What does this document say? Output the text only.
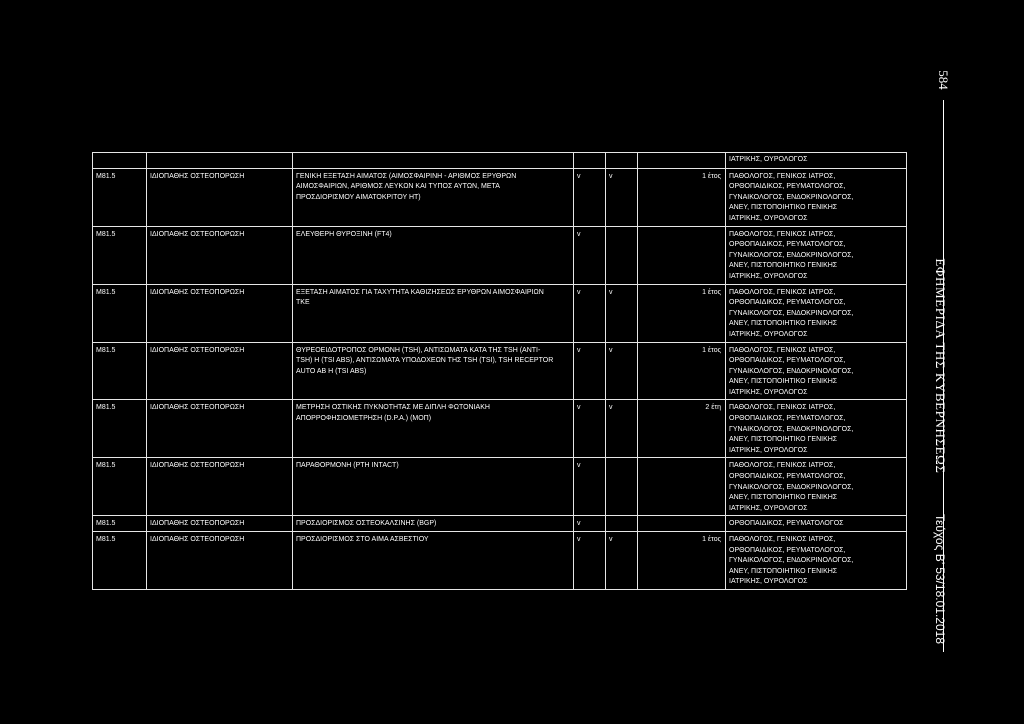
584
ΕΦΗΜΕΡΙΔΑ ΤΗΣ ΚΥΒΕΡΝΗΣΕΩΣ
Τεύχος Β’ 53/18.01.2018
						ΙΑΤΡΙΚΗΣ, ΟΥΡΟΛΟΓΟΣ
Μ81.5	ΙΔΙΟΠΑΘΗΣ ΟΣΤΕΟΠΟΡΩΣΗ	ΓΕΝΙΚΗ ΕΞΕΤΑΣΗ ΑΙΜΑΤΟΣ (ΑΙΜΟΣΦΑΙΡΙΝΗ - ΑΡΙΘΜΟΣ ΕΡΥΘΡΩΝ
ΑΙΜΟΣΦΑΙΡΙΩΝ, ΑΡΙΘΜΟΣ ΛΕΥΚΩΝ ΚΑΙ ΤΥΠΟΣ ΑΥΤΩΝ, ΜΕΤΑ
ΠΡΟΣΔΙΟΡΙΣΜΟΥ ΑΙΜΑΤΟΚΡΙΤΟΥ ΗΤ)	v	v	1 έτος	ΠΑΘΟΛΟΓΟΣ, ΓΕΝΙΚΟΣ ΙΑΤΡΟΣ,
ΟΡΘΟΠΑΙΔΙΚΟΣ, ΡΕΥΜΑΤΟΛΟΓΟΣ,
ΓΥΝΑΙΚΟΛΟΓΟΣ, ΕΝΔΟΚΡΙΝΟΛΟΓΟΣ,
ΑΝΕΥ, ΠΙΣΤΟΠΟΙΗΤΙΚΟ ΓΕΝΙΚΗΣ
ΙΑΤΡΙΚΗΣ, ΟΥΡΟΛΟΓΟΣ
Μ81.5	ΙΔΙΟΠΑΘΗΣ ΟΣΤΕΟΠΟΡΩΣΗ	ΕΛΕΥΘΕΡΗ ΘΥΡΟΞΙΝΗ (FT4)	v			ΠΑΘΟΛΟΓΟΣ, ΓΕΝΙΚΟΣ ΙΑΤΡΟΣ,
ΟΡΘΟΠΑΙΔΙΚΟΣ, ΡΕΥΜΑΤΟΛΟΓΟΣ,
ΓΥΝΑΙΚΟΛΟΓΟΣ, ΕΝΔΟΚΡΙΝΟΛΟΓΟΣ,
ΑΝΕΥ, ΠΙΣΤΟΠΟΙΗΤΙΚΟ ΓΕΝΙΚΗΣ
ΙΑΤΡΙΚΗΣ, ΟΥΡΟΛΟΓΟΣ
Μ81.5	ΙΔΙΟΠΑΘΗΣ ΟΣΤΕΟΠΟΡΩΣΗ	ΕΞΕΤΑΣΗ ΑΙΜΑΤΟΣ ΓΙΑ ΤΑΧΥΤΗΤΑ ΚΑΘΙΖΗΣΕΩΣ ΕΡΥΘΡΩΝ ΑΙΜΟΣΦΑΙΡΙΩΝ
ΤΚΕ	v	v	1 έτος	ΠΑΘΟΛΟΓΟΣ, ΓΕΝΙΚΟΣ ΙΑΤΡΟΣ,
ΟΡΘΟΠΑΙΔΙΚΟΣ, ΡΕΥΜΑΤΟΛΟΓΟΣ,
ΓΥΝΑΙΚΟΛΟΓΟΣ, ΕΝΔΟΚΡΙΝΟΛΟΓΟΣ,
ΑΝΕΥ, ΠΙΣΤΟΠΟΙΗΤΙΚΟ ΓΕΝΙΚΗΣ
ΙΑΤΡΙΚΗΣ, ΟΥΡΟΛΟΓΟΣ
Μ81.5	ΙΔΙΟΠΑΘΗΣ ΟΣΤΕΟΠΟΡΩΣΗ	ΘΥΡΕΟΕΙΔΟΤΡΟΠΟΣ ΟΡΜΟΝΗ (TSH), ΑΝΤΙΣΩΜΑΤΑ ΚΑΤΑ ΤΗΣ TSH (ANTI-
TSH) Η (TSI ABS), ΑΝΤΙΣΩΜΑΤΑ ΥΠΟΔΟΧΕΩΝ ΤΗΣ TSH (TSI), TSH RECEPTOR
AUTO AB Η (TSI ABS)	v	v	1 έτος	ΠΑΘΟΛΟΓΟΣ, ΓΕΝΙΚΟΣ ΙΑΤΡΟΣ,
ΟΡΘΟΠΑΙΔΙΚΟΣ, ΡΕΥΜΑΤΟΛΟΓΟΣ,
ΓΥΝΑΙΚΟΛΟΓΟΣ, ΕΝΔΟΚΡΙΝΟΛΟΓΟΣ,
ΑΝΕΥ, ΠΙΣΤΟΠΟΙΗΤΙΚΟ ΓΕΝΙΚΗΣ
ΙΑΤΡΙΚΗΣ, ΟΥΡΟΛΟΓΟΣ
Μ81.5	ΙΔΙΟΠΑΘΗΣ ΟΣΤΕΟΠΟΡΩΣΗ	ΜΕΤΡΗΣΗ ΟΣΤΙΚΗΣ ΠΥΚΝΟΤΗΤΑΣ ΜΕ ΔΙΠΛΗ ΦΩΤΟΝΙΑΚΗ
ΑΠΟΡΡΟΦΗΣΙΟΜΕΤΡΗΣΗ (D.P.A.) (ΜΟΠ)	v	v	2 έτη	ΠΑΘΟΛΟΓΟΣ, ΓΕΝΙΚΟΣ ΙΑΤΡΟΣ,
ΟΡΘΟΠΑΙΔΙΚΟΣ, ΡΕΥΜΑΤΟΛΟΓΟΣ,
ΓΥΝΑΙΚΟΛΟΓΟΣ, ΕΝΔΟΚΡΙΝΟΛΟΓΟΣ,
ΑΝΕΥ, ΠΙΣΤΟΠΟΙΗΤΙΚΟ ΓΕΝΙΚΗΣ
ΙΑΤΡΙΚΗΣ, ΟΥΡΟΛΟΓΟΣ
Μ81.5	ΙΔΙΟΠΑΘΗΣ ΟΣΤΕΟΠΟΡΩΣΗ	ΠΑΡΑΘΟΡΜΟΝΗ (PTH INTACT)	v			ΠΑΘΟΛΟΓΟΣ, ΓΕΝΙΚΟΣ ΙΑΤΡΟΣ,
ΟΡΘΟΠΑΙΔΙΚΟΣ, ΡΕΥΜΑΤΟΛΟΓΟΣ,
ΓΥΝΑΙΚΟΛΟΓΟΣ, ΕΝΔΟΚΡΙΝΟΛΟΓΟΣ,
ΑΝΕΥ, ΠΙΣΤΟΠΟΙΗΤΙΚΟ ΓΕΝΙΚΗΣ
ΙΑΤΡΙΚΗΣ, ΟΥΡΟΛΟΓΟΣ
Μ81.5	ΙΔΙΟΠΑΘΗΣ ΟΣΤΕΟΠΟΡΩΣΗ	ΠΡΟΣΔΙΟΡΙΣΜΟΣ ΟΣΤΕΟΚΑΛΣΙΝΗΣ (BGP)	v			ΟΡΘΟΠΑΙΔΙΚΟΣ, ΡΕΥΜΑΤΟΛΟΓΟΣ
Μ81.5	ΙΔΙΟΠΑΘΗΣ ΟΣΤΕΟΠΟΡΩΣΗ	ΠΡΟΣΔΙΟΡΙΣΜΟΣ ΣΤΟ ΑΙΜΑ ΑΣΒΕΣΤΙΟΥ	v	v	1 έτος	ΠΑΘΟΛΟΓΟΣ, ΓΕΝΙΚΟΣ ΙΑΤΡΟΣ,
ΟΡΘΟΠΑΙΔΙΚΟΣ, ΡΕΥΜΑΤΟΛΟΓΟΣ,
ΓΥΝΑΙΚΟΛΟΓΟΣ, ΕΝΔΟΚΡΙΝΟΛΟΓΟΣ,
ΑΝΕΥ, ΠΙΣΤΟΠΟΙΗΤΙΚΟ ΓΕΝΙΚΗΣ
ΙΑΤΡΙΚΗΣ, ΟΥΡΟΛΟΓΟΣ
